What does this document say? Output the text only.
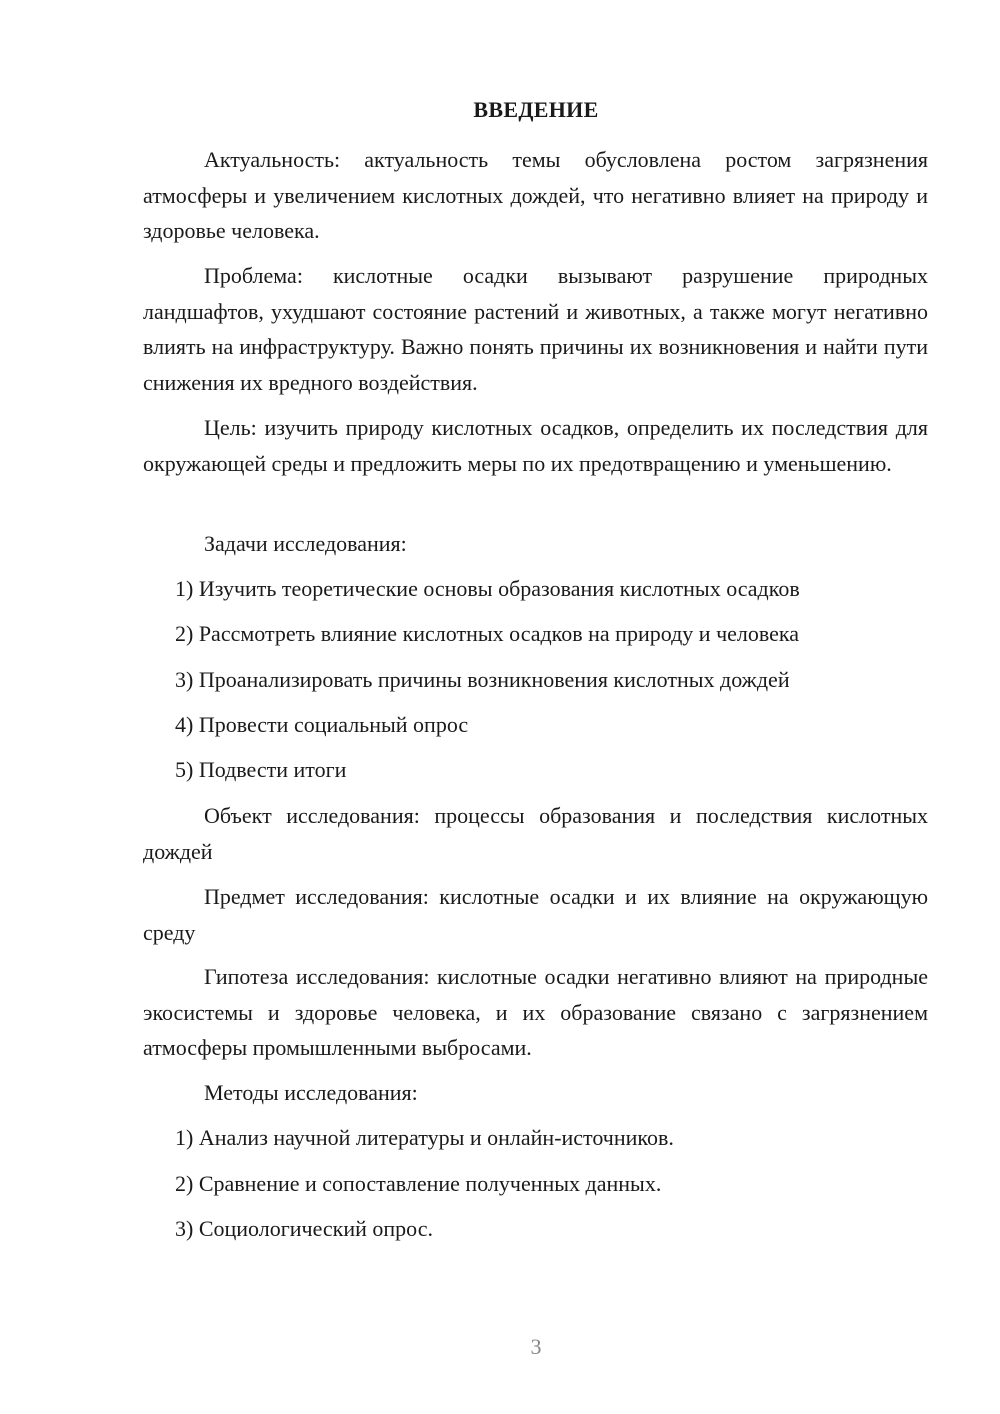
ВВЕДЕНИЕ

Актуальность: актуальность темы обусловлена ростом загрязнения атмосферы и увеличением кислотных дождей, что негативно влияет на природу и здоровье человека.

Проблема: кислотные осадки вызывают разрушение природных ландшафтов, ухудшают состояние растений и животных, а также могут негативно влиять на инфраструктуру. Важно понять причины их возникновения и найти пути снижения их вредного воздействия.

Цель: изучить природу кислотных осадков, определить их последствия для окружающей среды и предложить меры по их предотвращению и уменьшению.

Задачи исследования:

1) Изучить теоретические основы образования кислотных осадков

2) Рассмотреть влияние кислотных осадков на природу и человека

3) Проанализировать причины возникновения кислотных дождей

4) Провести социальный опрос

5) Подвести итоги

Объект исследования: процессы образования и последствия кислотных дождей

Предмет исследования: кислотные осадки и их влияние на окружающую среду

Гипотеза исследования: кислотные осадки негативно влияют на природные экосистемы и здоровье человека, и их образование связано с загрязнением атмосферы промышленными выбросами.

Методы исследования:

1) Анализ научной литературы и онлайн-источников.

2) Сравнение и сопоставление полученных данных.

3) Социологический опрос.

3
